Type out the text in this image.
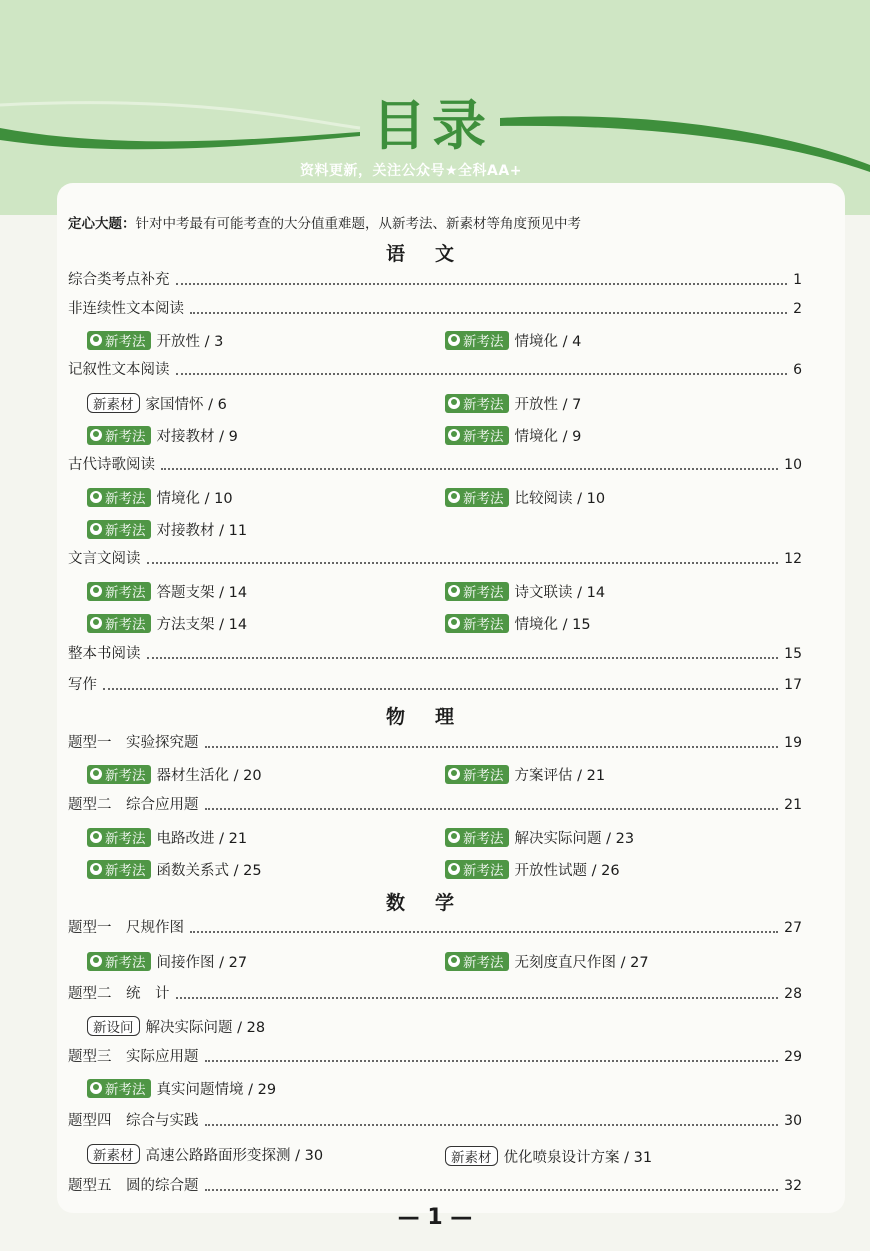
目录
资料更新，关注公众号★全科AA+
定心大题：针对中考最有可能考查的大分值重难题，从新考法、新素材等角度预见中考
语文
综合类考点补充	1
非连续性文本阅读	2
新考法 开放性 / 3	新考法 情境化 / 4
记叙性文本阅读	6
新素材 家国情怀 / 6	新考法 开放性 / 7
新考法 对接教材 / 9	新考法 情境化 / 9
古代诗歌阅读	10
新考法 情境化 / 10	新考法 比较阅读 / 10
新考法 对接教材 / 11
文言文阅读	12
新考法 答题支架 / 14	新考法 诗文联读 / 14
新考法 方法支架 / 14	新考法 情境化 / 15
整本书阅读	15
写作	17
物理
题型一　实验探究题	19
新考法 器材生活化 / 20	新考法 方案评估 / 21
题型二　综合应用题	21
新考法 电路改进 / 21	新考法 解决实际问题 / 23
新考法 函数关系式 / 25	新考法 开放性试题 / 26
数学
题型一　尺规作图	27
新考法 间接作图 / 27	新考法 无刻度直尺作图 / 27
题型二　统　计	28
新设问 解决实际问题 / 28
题型三　实际应用题	29
新考法 真实问题情境 / 29
题型四　综合与实践	30
新素材 高速公路路面形变探测 / 30	新素材 优化喷泉设计方案 / 31
题型五　圆的综合题	32
— 1 —
